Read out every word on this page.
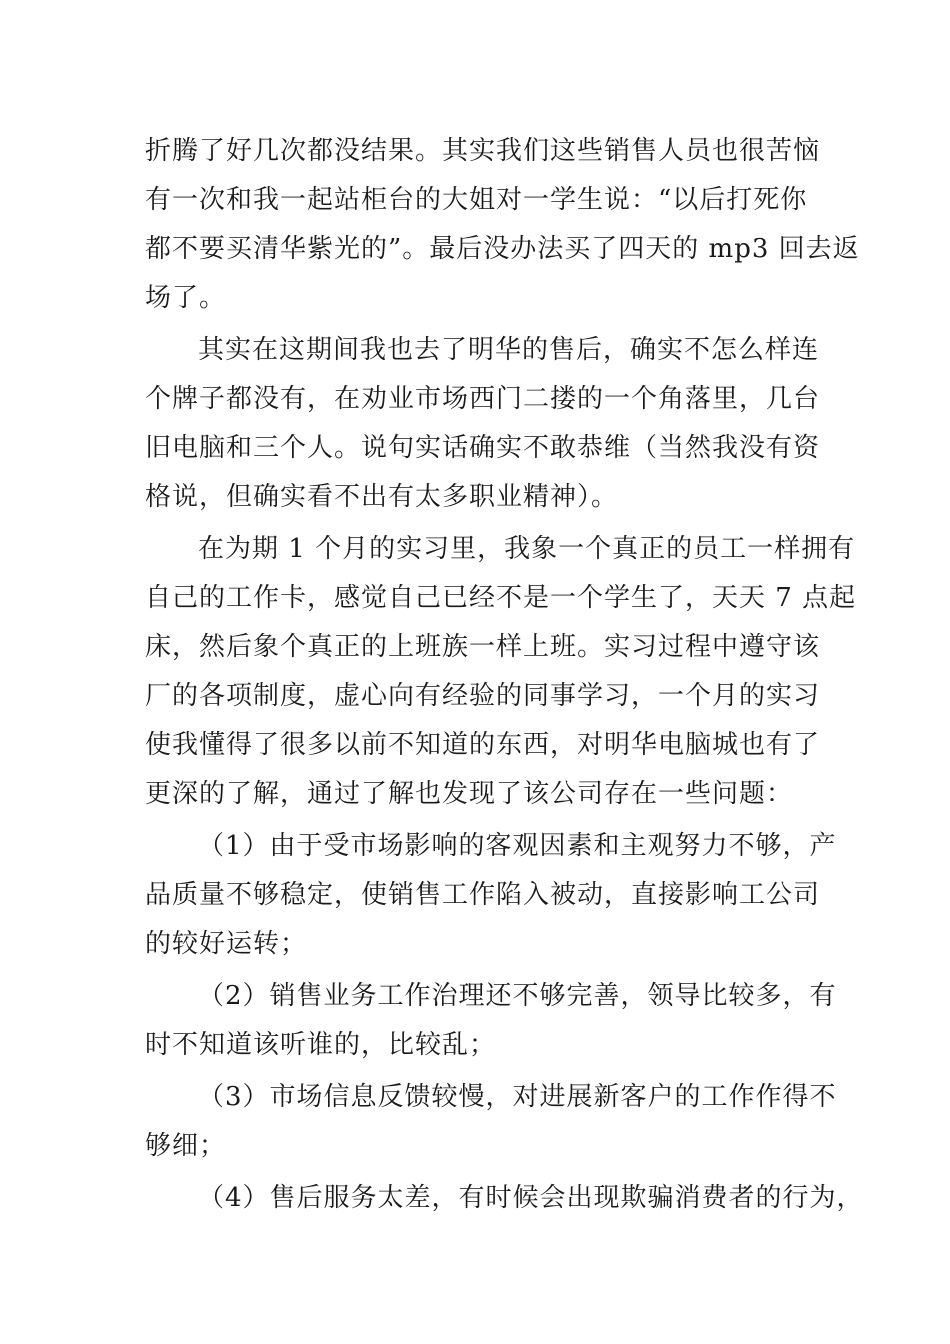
折腾了好几次都没结果。其实我们这些销售人员也很苦恼
有一次和我一起站柜台的大姐对一学生说：“以后打死你
都不要买清华紫光的”。最后没办法买了四天的 mp3 回去返
场了。
其实在这期间我也去了明华的售后，确实不怎么样连
个牌子都没有，在劝业市场西门二搂的一个角落里，几台
旧电脑和三个人。说句实话确实不敢恭维（当然我没有资
格说，但确实看不出有太多职业精神）。
在为期 1 个月的实习里，我象一个真正的员工一样拥有
自己的工作卡，感觉自己已经不是一个学生了，天天 7 点起
床，然后象个真正的上班族一样上班。实习过程中遵守该
厂的各项制度，虚心向有经验的同事学习，一个月的实习
使我懂得了很多以前不知道的东西，对明华电脑城也有了
更深的了解，通过了解也发现了该公司存在一些问题：
（1）由于受市场影响的客观因素和主观努力不够，产
品质量不够稳定，使销售工作陷入被动，直接影响工公司
的较好运转；
（2）销售业务工作治理还不够完善，领导比较多，有
时不知道该听谁的，比较乱；
（3）市场信息反馈较慢，对进展新客户的工作作得不
够细；
（4）售后服务太差，有时候会出现欺骗消费者的行为，
